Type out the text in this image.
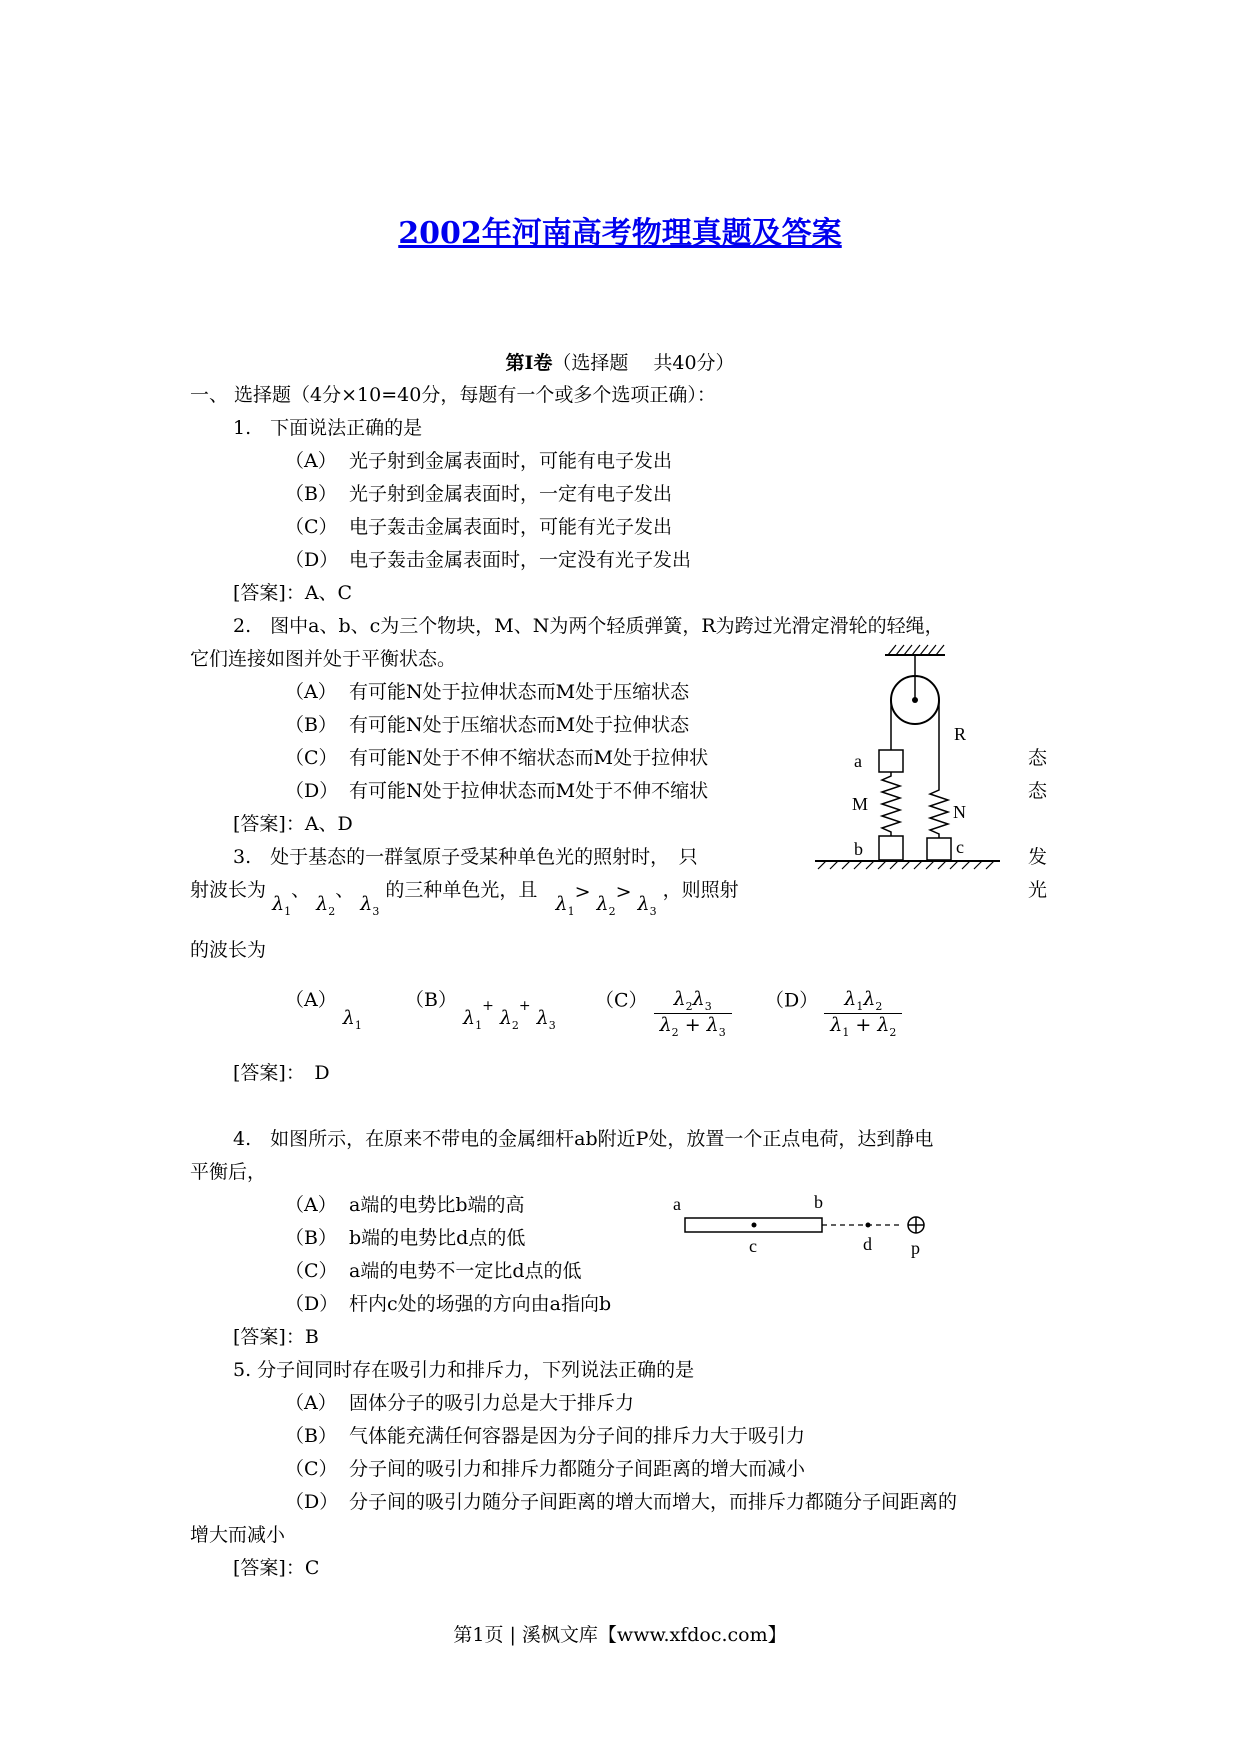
2002年河南高考物理真题及答案
第Ⅰ卷（选择题　 共40分）
一、 选择题（4分×10=40分，每题有一个或多个选项正确）：
1.　下面说法正确的是
（A） 光子射到金属表面时，可能有电子发出
（B） 光子射到金属表面时，一定有电子发出
（C） 电子轰击金属表面时，可能有光子发出
（D） 电子轰击金属表面时，一定没有光子发出
[答案]：A、C
2.　图中a、b、c为三个物块，M、N为两个轻质弹簧，R为跨过光滑定滑轮的轻绳，
它们连接如图并处于平衡状态。
（A） 有可能N处于拉伸状态而M处于压缩状态
（B） 有可能N处于压缩状态而M处于拉伸状态
（C） 有可能N处于不伸不缩状态而M处于拉伸状	态
（D） 有可能N处于拉伸状态而M处于不伸不缩状	态
[答案]：A、D
a
R
M	N
b	c
3.　处于基态的一群氢原子受某种单色光的照射时，　只	发
射波长为 $\lambda_1$、 $\lambda_2$、 $\lambda_3$ 的三种单色光，且   $\lambda_1> \lambda_2> \lambda_3$ ，则照射	光
的波长为
（A） $\lambda_1$
（B） $\lambda_1^+$ $\lambda_2^+$ $\lambda_3$
$(C) \frac{\lambda_2\lambda_3}{\lambda_2 + \lambda_3} (D) \frac{\lambda_1\lambda_2}{\lambda_1 + \lambda_2}$
[答案]：　D
4.　如图所示，在原来不带电的金属细杆ab附近P处，放置一个正点电荷，达到静电
平衡后，
（A） a端的电势比b端的高
（B） b端的电势比d点的低
（C） a端的电势不一定比d点的低
（D） 杆内c处的场强的方向由a指向b
[答案]：B
a	b
c	d p
5. 分子间同时存在吸引力和排斥力，下列说法正确的是
（A） 固体分子的吸引力总是大于排斥力
（B） 气体能充满任何容器是因为分子间的排斥力大于吸引力
（C） 分子间的吸引力和排斥力都随分子间距离的增大而减小
（D） 分子间的吸引力随分子间距离的增大而增大，而排斥力都随分子间距离的
增大而减小
[答案]：C
第1页 | 溪枫文库【www.xfdoc.com】
